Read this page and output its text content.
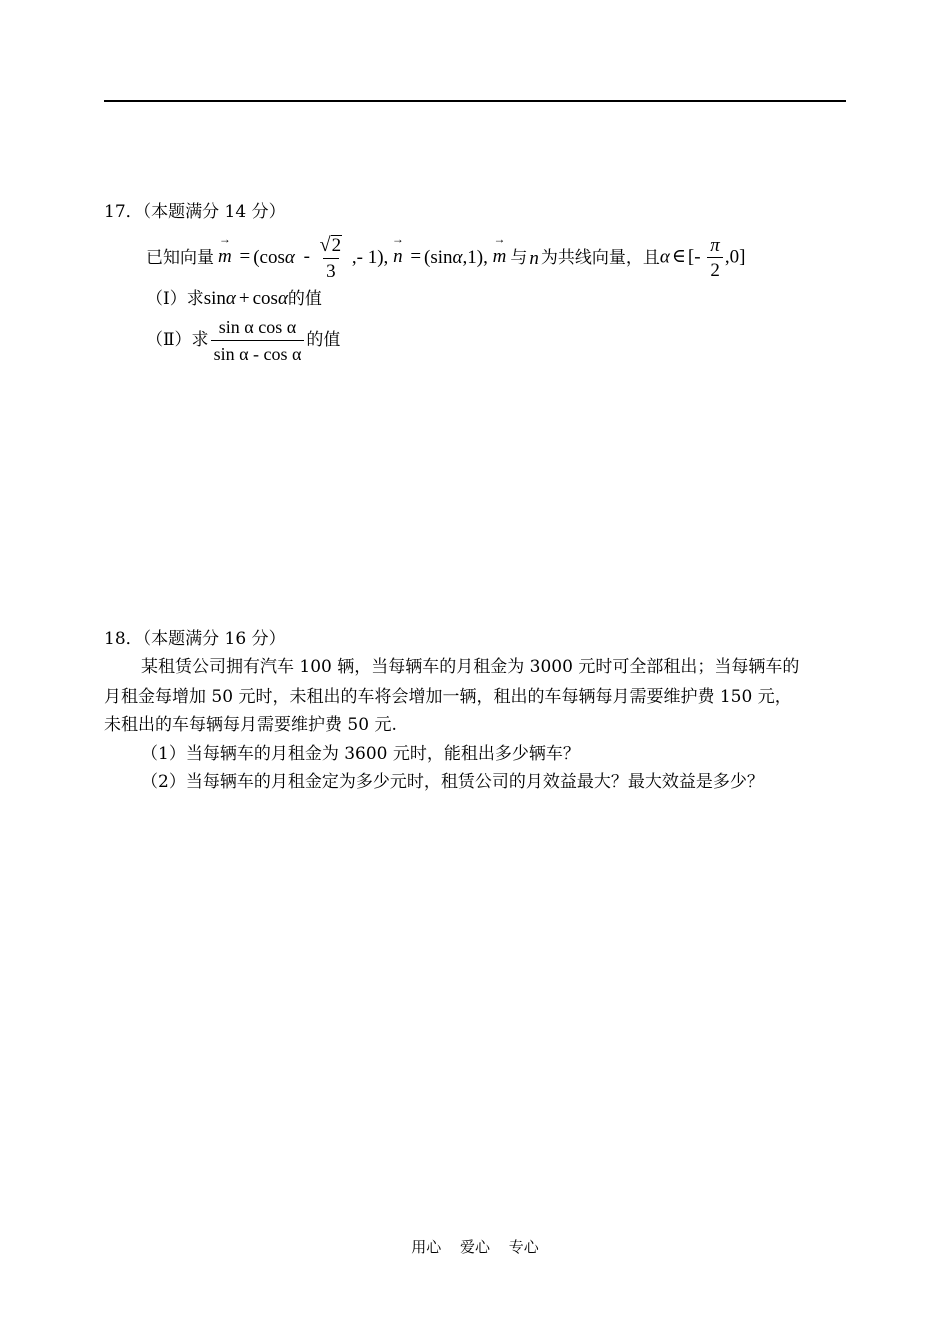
17．（本题满分 14 分）
已知向量
→
$m = (\cos\alpha - \frac{√ 2}{3}$ ,- 1),
→
n = (sinα,1),
→
m 与 n 为共线向量，且 α ∈ [- $\frac{\pi}{2} ,0$]
（Ⅰ）求sinα + cosα的值
（Ⅱ）求 $\frac{\text{sin α cos α}}{\text{sin α - cos α}}$ 的值
18．（本题满分 16 分）
某租赁公司拥有汽车 100 辆，当每辆车的月租金为 3000 元时可全部租出；当每辆车的
月租金每增加 50 元时，未租出的车将会增加一辆，租出的车每辆每月需要维护费 150 元，
未租出的车每辆每月需要维护费 50 元.
（1）当每辆车的月租金为 3600 元时，能租出多少辆车？
（2）当每辆车的月租金定为多少元时，租赁公司的月效益最大？最大效益是多少？
用心 爱心 专心
